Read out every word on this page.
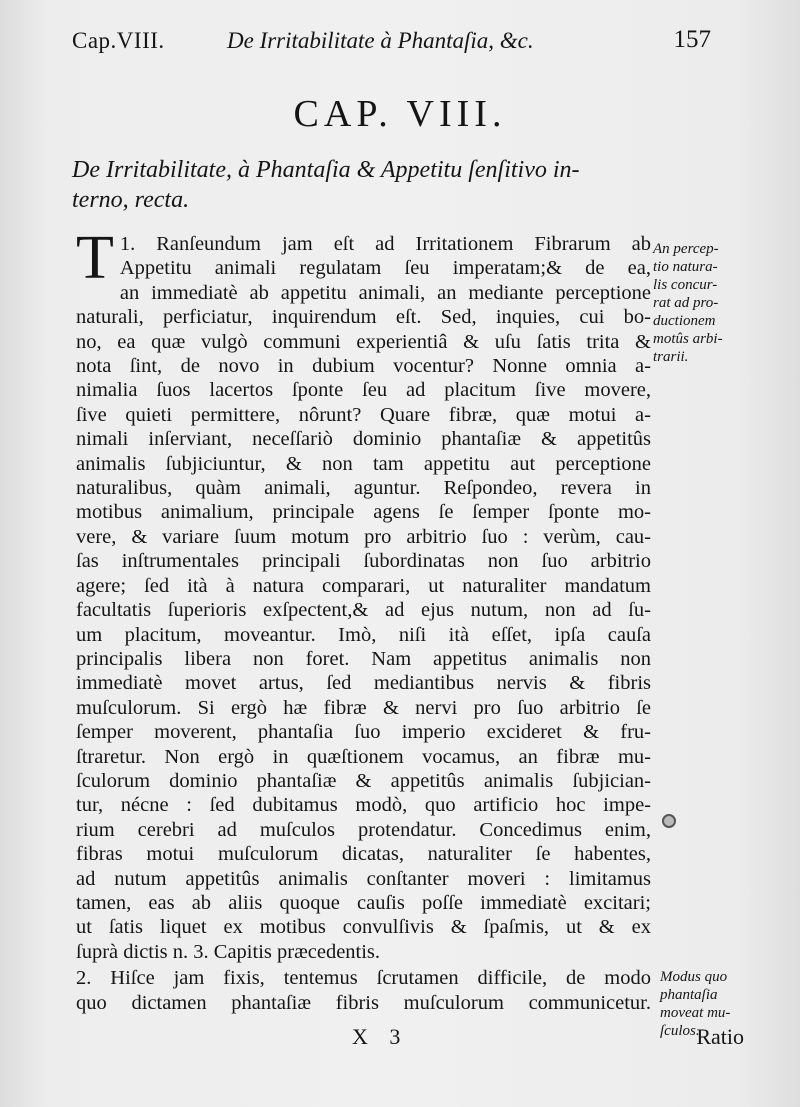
Cap.VIII.	De Irritabilitate à Phantaſia, &c.	157
CAP. VIII.
De Irritabilitate, à Phantaſia & Appetitu ſenſitivo in-
terno, recta.
T 1. Ranſeundum jam eſt ad Irritationem Fibrarum ab
Appetitu animali regulatam ſeu imperatam;& de ea,
an immediatè ab appetitu animali, an mediante perceptione
naturali, perficiatur, inquirendum eſt. Sed, inquies, cui bo-
no, ea quæ vulgò communi experientiâ & uſu ſatis trita &
nota ſint, de novo in dubium vocentur? Nonne omnia a-
nimalia ſuos lacertos ſponte ſeu ad placitum ſive movere,
ſive quieti permittere, nôrunt? Quare fibræ, quæ motui a-
nimali inſerviant, neceſſariò dominio phantaſiæ & appetitûs
animalis ſubjiciuntur, & non tam appetitu aut perceptione
naturalibus, quàm animali, aguntur. Reſpondeo, revera in
motibus animalium, principale agens ſe ſemper ſponte mo-
vere, & variare ſuum motum pro arbitrio ſuo : verùm, cau-
ſas inſtrumentales principali ſubordinatas non ſuo arbitrio
agere; ſed ità à natura comparari, ut naturaliter mandatum
facultatis ſuperioris exſpectent,& ad ejus nutum, non ad ſu-
um placitum, moveantur. Imò, niſi ità eſſet, ipſa cauſa
principalis libera non foret. Nam appetitus animalis non
immediatè movet artus, ſed mediantibus nervis & fibris
muſculorum. Si ergò hæ fibræ & nervi pro ſuo arbitrio ſe
ſemper moverent, phantaſia ſuo imperio excideret & fru-
ſtraretur. Non ergò in quæſtionem vocamus, an fibræ mu-
ſculorum dominio phantaſiæ & appetitûs animalis ſubjician-
tur, nécne : ſed dubitamus modò, quo artificio hoc impe-
rium cerebri ad muſculos protendatur. Concedimus enim,
fibras motui muſculorum dicatas, naturaliter ſe habentes,
ad nutum appetitûs animalis conſtanter moveri : limitamus
tamen, eas ab aliis quoque cauſis poſſe immediatè excitari;
ut ſatis liquet ex motibus convulſivis & ſpaſmis, ut & ex
ſuprà dictis n. 3. Capitis præcedentis.
2. Hiſce jam fixis, tentemus ſcrutamen difficile, de modo
quo dictamen phantaſiæ fibris muſculorum communicetur.
An percep-
tio natura-
lis concur-
rat ad pro-
ductionem
motûs arbi-
trarii.
Modus quo
phantaſia
moveat mu-
ſculos.
X 3	Ratio
